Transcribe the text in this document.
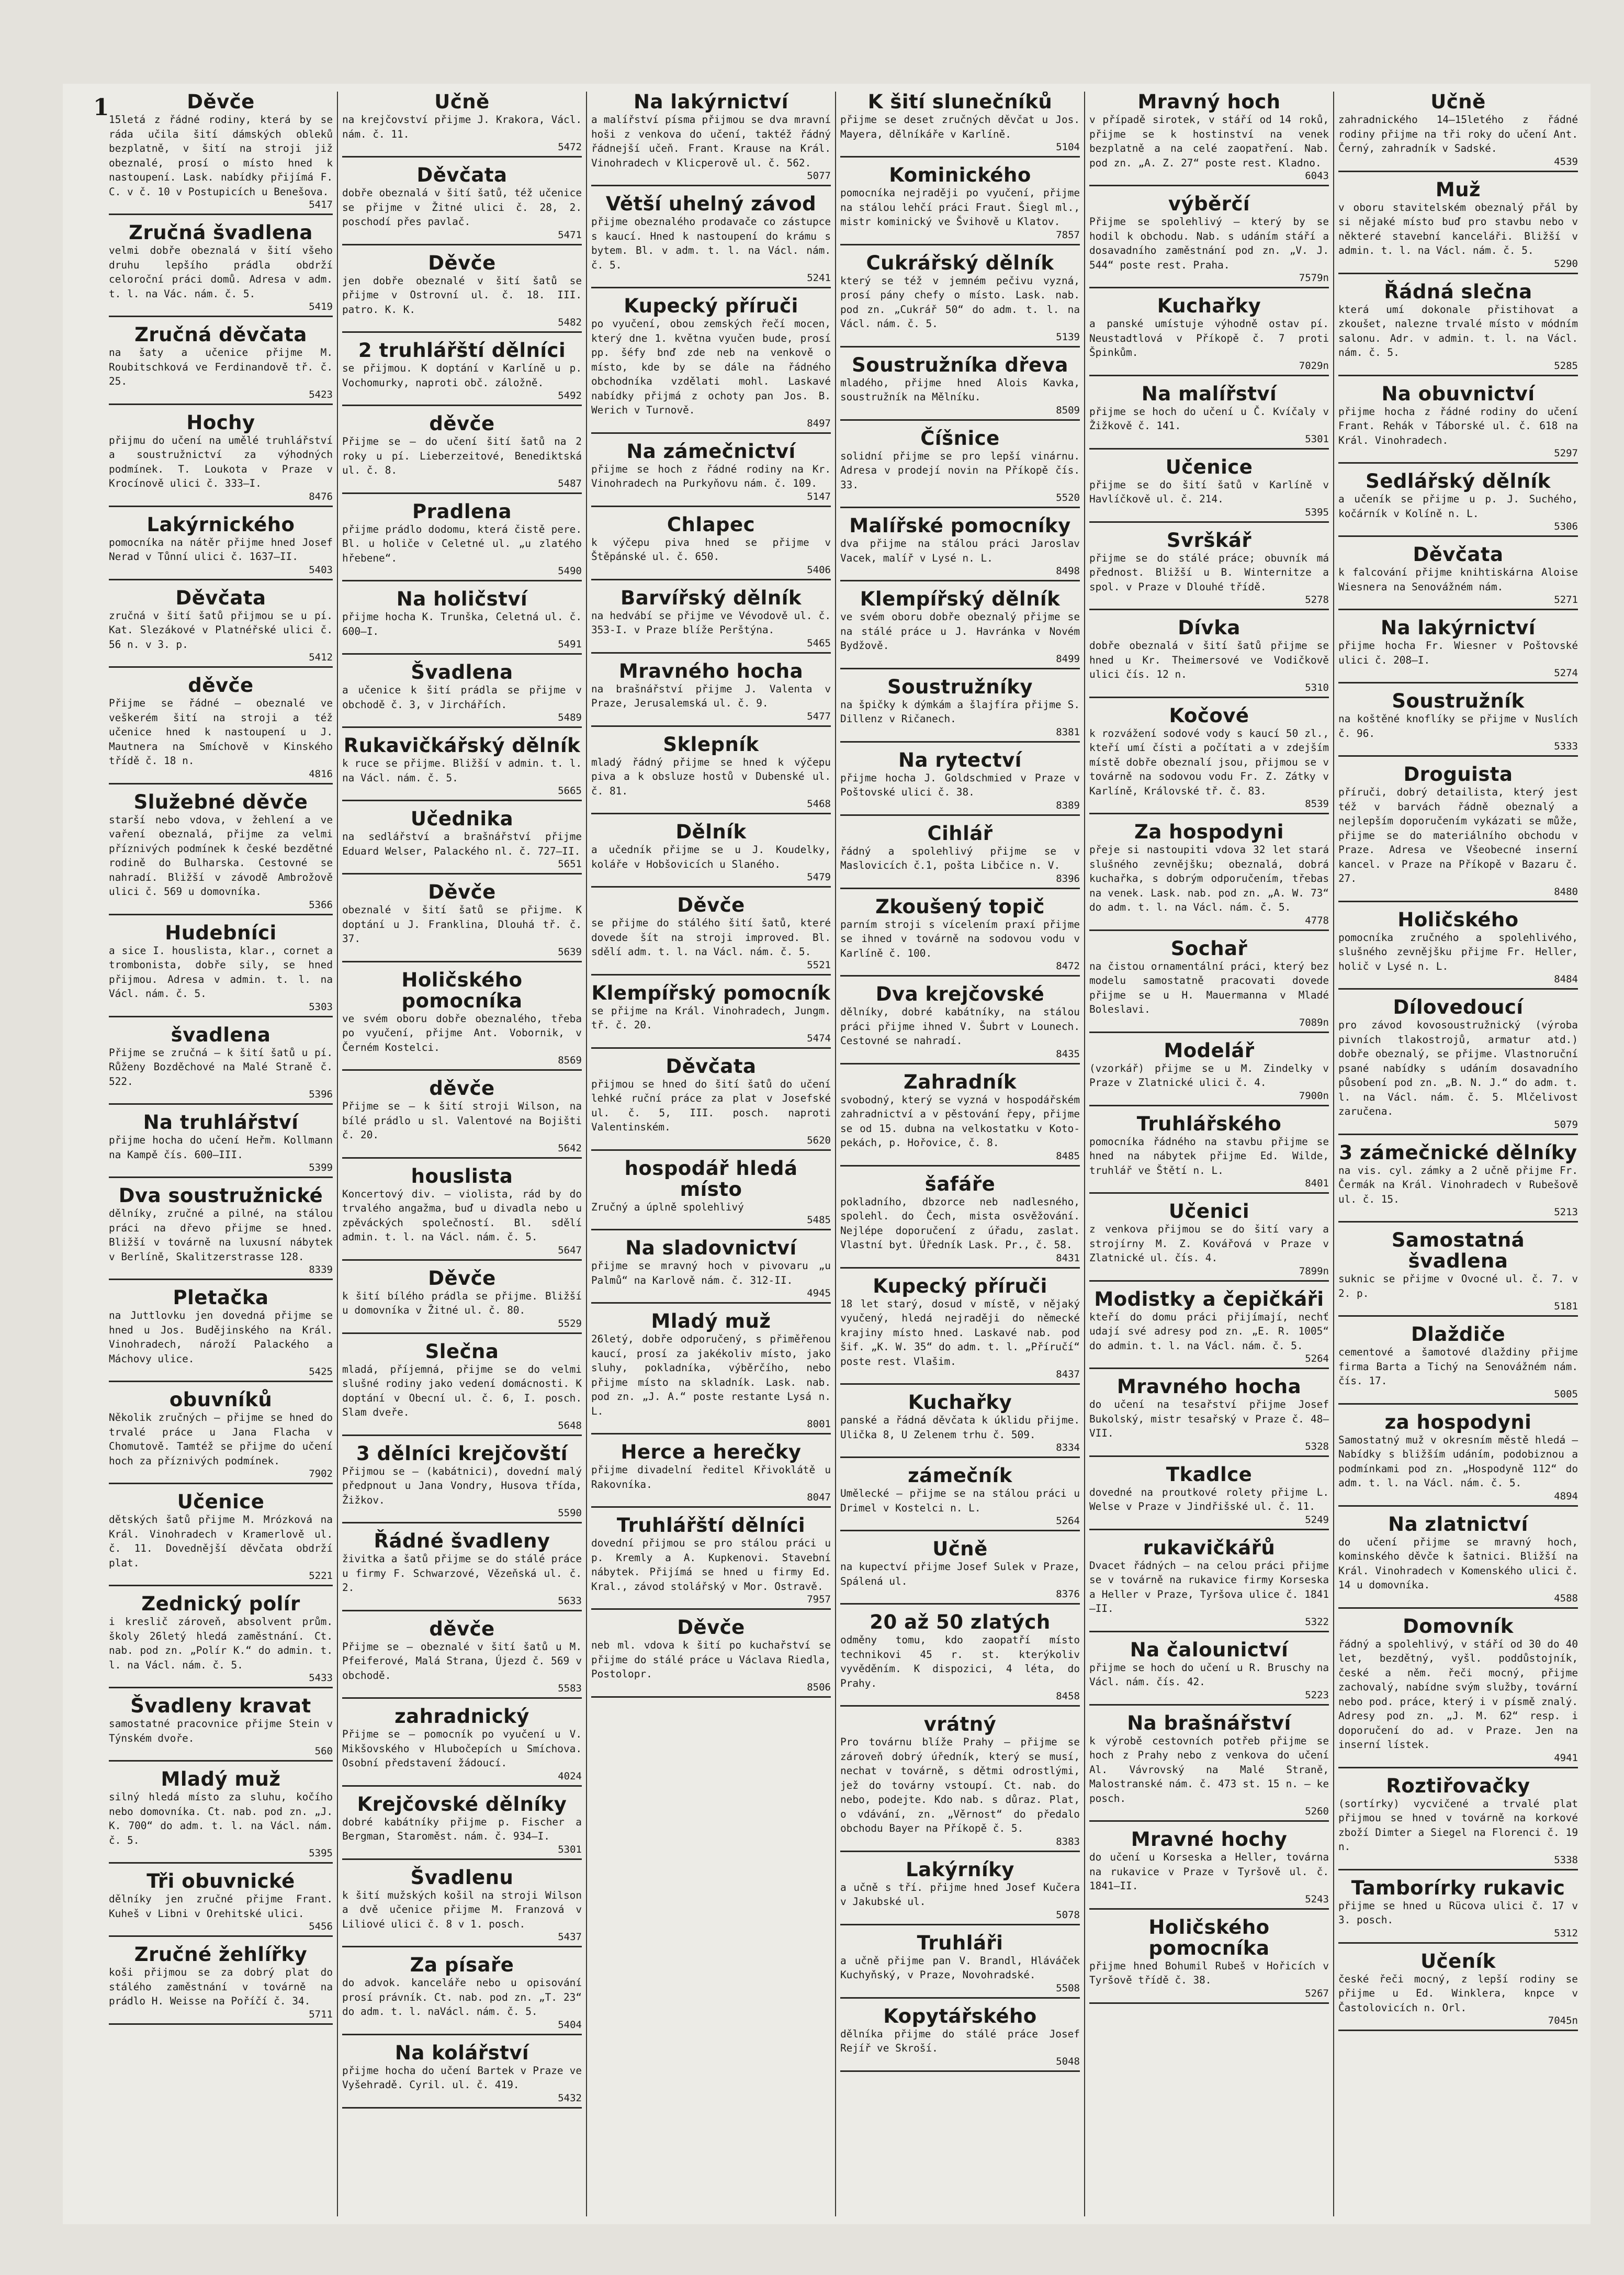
1	Děvče

15letá z řádné rodiny, která by se ráda učila šití dámských obleků bezplatně, v šití na stroji již obeznalé, prosí o místo hned k nastoupení. Lask. nabídky přijímá F. C. v č. 10 v Postupicích u Benešova.

5417
Zručná švadlena

velmi dobře obeznalá v šití všeho druhu lepšího prádla obdrží celoroční práci domů. Adresa v adm. t. l. na Vác. nám. č. 5.

5419
Zručná děvčata

na šaty a učenice přijme M. Roubitschková ve Ferdinandově tř. č. 25.

5423
Hochy

přijmu do učení na umělé truhlářství a soustružnictví za výhodných podmínek. T. Loukota v Praze v Krocínově ulici č. 333—I.

8476
Lakýrnického

pomocníka na nátěr přijme hned Josef Nerad v Tůnní ulici č. 1637—II.

5403
Děvčata

zručná v šití šatů přijmou se u pí. Kat. Slezákové v Platnéřské ulici č. 56 n. v 3. p.

5412
děvče

Přijme se řádné — obeznalé ve veškerém šití na stroji a též učenice hned k nastoupení u J. Mautnera na Smíchově v Kinského třídě č. 18 n.

4816
Služebné děvče

starší nebo vdova, v žehlení a ve vaření obeznalá, přijme za velmi příznivých podmínek k české bezdětné rodině do Bulharska. Cestovné se nahradí. Bližší v závodě Ambrožově ulici č. 569 u domovníka.

5366
Hudebníci

a sice I. houslista, klar., cornet a trombonista, dobře sily, se hned přijmou. Adresa v admin. t. l. na Václ. nám. č. 5.

5303
švadlena

Přijme se zručná — k šití šatů u pí. Růženy Bozděchové na Malé Straně č. 522.

5396
Na truhlářství

přijme hocha do učení Heřm. Kollmann na Kampě čís. 600—III.

5399
Dva soustružnické

dělníky, zručné a pilné, na stálou práci na dřevo přijme se hned. Bližší v továrně na luxusní nábytek v Berlíně, Skalitzerstrasse 128.

8339
Pletačka

na Juttlovku jen dovedná přijme se hned u Jos. Budějinského na Král. Vinohradech, nároží Palackého a Máchovy ulice.

5425
obuvníků

Několik zručných — přijme se hned do trvalé práce u Jana Flacha v Chomutově. Tamtéž se přijme do učení hoch za příznivých podmínek.

7902
Učenice

dětských šatů přijme M. Mrózková na Král. Vinohradech v Kramerlově ul. č. 11. Dovednější děvčata obdrží plat.

5221
Zednický polír

i kreslič zároveň, absolvent prům. školy 26letý hledá zaměstnání. Ct. nab. pod zn. „Polír K.“ do admin. t. l. na Václ. nám. č. 5.

5433
Švadleny kravat

samostatné pracovnice přijme Stein v Týnském dvoře.

560
Mladý muž

silný hledá místo za sluhu, kočího nebo domovníka. Ct. nab. pod zn. „J. K. 700“ do adm. t. l. na Václ. nám. č. 5.

5395
Tři obuvnické

dělníky jen zručné přijme Frant. Kuheš v Libni v Orehitské ulici.

5456
Zručné žehlířky

koši přijmou se za dobrý plat do stálého zaměstnání v továrně na prádlo H. Weisse na Poříčí č. 34.

5711
Učně

na krejčovství přijme J. Krakora, Václ. nám. č. 11.

5472
Děvčata

dobře obeznalá v šití šatů, též učenice se přijme v Žitné ulici č. 28, 2. poschodí přes pavlač.

5471
Děvče

jen dobře obeznalé v šití šatů se přijme v Ostrovní ul. č. 18. III. patro. K. K.

5482
2 truhlářští dělníci

se přijmou. K doptání v Karlíně u p. Vochomurky, naproti obč. záložně.

5492
děvče

Přijme se — do učení šití šatů na 2 roky u pí. Lieberzeitové, Benediktská ul. č. 8.

5487
Pradlena

přijme prádlo dodomu, která čistě pere. Bl. u holiče v Celetné ul. „u zlatého hřebene“.

5490
Na holičství

přijme hocha K. Trunška, Celetná ul. č. 600—I.

5491
Švadlena

a učenice k šití prádla se přijme v obchodě č. 3, v Jirchářích.

5489
Rukavičkářský dělník

k ruce se přijme. Bližší v admin. t. l. na Václ. nám. č. 5.

5665
Učednika

na sedlářství a brašnářství přijme Eduard Welser, Palackého nl. č. 727—II.

5651
Děvče

obeznalé v šití šatů se přijme. K doptání u J. Franklina, Dlouhá tř. č. 37.

5639
Holičského pomocníka

ve svém oboru dobře obeznalého, třeba po vyučení, přijme Ant. Vobornik, v Černém Kostelci.

8569
děvče

Přijme se — k šití stroji Wilson, na bílé prádlo u sl. Valentové na Bojišti č. 20.

5642
houslista

Koncertový div. — violista, rád by do trvalého angažma, buď u divadla nebo u zpěváckých společností. Bl. sdělí admin. t. l. na Václ. nám. č. 5.

5647
Děvče

k šití bílého prádla se přijme. Bližší u domovníka v Žitné ul. č. 80.

5529
Slečna

mladá, příjemná, přijme se do velmi slušné rodiny jako vedení domácnosti. K doptání v Obecní ul. č. 6, I. posch. Slam dveře.

5648
3 dělníci krejčovští

Přijmou se — (kabátnici), dovední malý předpnout u Jana Vondry, Husova třída, Žižkov.

5590
Řádné švadleny

živitka a šatů přijme se do stálé práce u firmy F. Schwarzové, Vězeňská ul. č. 2.

5633
děvče

Přijme se — obeznalé v šití šatů u M. Pfeiferové, Malá Strana, Újezd č. 569 v obchodě.

5583
zahradnický

Přijme se — pomocník po vyučení u V. Mikšovského v Hlubočepích u Smíchova. Osobní představení žádoucí.

4024
Krejčovské dělníky

dobré kabátníky přijme p. Fischer a Bergman, Staroměst. nám. č. 934—I.

5301
Švadlenu

k šití mužských košil na stroji Wilson a dvě učenice přijme M. Franzová v Liliové ulici č. 8 v 1. posch.

5437
Za písaře

do advok. kanceláře nebo u opisování prosí právník. Ct. nab. pod zn. „T. 23“ do adm. t. l. naVácl. nám. č. 5.

5404
Na kolářství

přijme hocha do učení Bartek v Praze ve Vyšehradě. Cyril. ul. č. 419.

5432
Na lakýrnictví

a malířství písma přijmou se dva mravní hoši z venkova do učení, taktéž řádný řádnejší učeň. Frant. Krause na Král. Vinohradech v Klicperově ul. č. 562.

5077
Větší uhelný závod

přijme obeznalého prodavače co zástupce s kaucí. Hned k nastoupení do krámu s bytem. Bl. v adm. t. l. na Václ. nám. č. 5.

5241
Kupecký příruči

po vyučení, obou zemských řečí mocen, který dne 1. května vyučen bude, prosí pp. šéfy bnď zde neb na venkově o místo, kde by se dále na řádného obchodníka vzdělati mohl. Laskavé nabídky přijmá z ochoty pan Jos. B. Werich v Turnově.

8497
Na zámečnictví

přijme se hoch z řádné rodiny na Kr. Vinohradech na Purkyňovu nám. č. 109.

5147
Chlapec

k výčepu piva hned se přijme v Štěpánské ul. č. 650.

5406
Barvířský dělník

na hedvábí se přijme ve Vévodově ul. č. 353-I. v Praze blíže Perštýna.

5465
Mravného hocha

na brašnářství přijme J. Valenta v Praze, Jerusalemská ul. č. 9.

5477
Sklepník

mladý řádný přijme se hned k výčepu piva a k obsluze hostů v Dubenské ul. č. 81.

5468
Dělník

a učedník přijme se u J. Koudelky, koláře v Hobšovicích u Slaného.

5479
Děvče

se přijme do stálého šití šatů, které dovede šít na stroji improved. Bl. sdělí adm. t. l. na Václ. nám. č. 5.

5521
Klempířský pomocník

se přijme na Král. Vinohradech, Jungm. tř. č. 20.

5474
Děvčata

přijmou se hned do šití šatů do učení lehké ruční práce za plat v Josefské ul. č. 5, III. posch. naproti Valentinském.

5620
hospodář hledá místo

Zručný a úplně spolehlivý

5485
Na sladovnictví

přijme se mravný hoch v pivovaru „u Palmů“ na Karlově nám. č. 312-II.

4945
Mladý muž

26letý, dobře odporučený, s přiměřenou kaucí, prosí za jakékoliv místo, jako sluhy, pokladníka, výběrčího, nebo přijme místo na skladník. Lask. nab. pod zn. „J. A.“ poste restante Lysá n. L.

8001
Herce a herečky

přijme divadelní ředitel Křivoklátě u Rakovníka.

8047
Truhlářští dělníci

dovední přijmou se pro stálou práci u p. Kremly a A. Kupkenovi. Stavební nábytek. Přijímá se hned u firmy Ed. Kral., závod stolářský v Mor. Ostravě.

7957
Děvče

neb ml. vdova k šití po kuchařství se přijme do stálé práce u Václava Riedla, Postolopr.

8506
K šití slunečníků

přijme se deset zručných děvčat u Jos. Mayera, dělníkáře v Karlíně.

5104
Kominického

pomocníka nejraději po vyučení, přijme na stálou lehčí práci Fraut. Šiegl ml., mistr kominický ve Švihově u Klatov.

7857
Cukrářský dělník

který se též v jemném pečivu vyzná, prosí pány chefy o místo. Lask. nab. pod zn. „Cukrář 50“ do adm. t. l. na Václ. nám. č. 5.

5139
Soustružníka dřeva

mladého, přijme hned Alois Kavka, soustružník na Mělníku.

8509
Číšnice

solidní přijme se pro lepší vinárnu. Adresa v prodejí novin na Příkopě čís. 33.

5520
Malířské pomocníky

dva přijme na stálou práci Jaroslav Vacek, malíř v Lysé n. L.

8498
Klempířský dělník

ve svém oboru dobře obeznalý přijme se na stálé práce u J. Havránka v Novém Bydžově.

8499
Soustružníky

na špičky k dýmkám a šlajfíra přijme S. Dillenz v Ričanech.

8381
Na rytectví

přijme hocha J. Goldschmied v Praze v Poštovské ulici č. 38.

8389
Cihlář

řádný a spolehlivý přijme se v Maslovicích č.1, pošta Libčice n. V.

8396
Zkoušený topič

parním stroji s vícelením praxí přijme se ihned v továrně na sodovou vodu v Karlíně č. 100.

8472
Dva krejčovské

dělníky, dobré kabátníky, na stálou práci přijme ihned V. Šubrt v Lounech. Cestovné se nahradí.

8435
Zahradník

svobodný, který se vyzná v hospodářském zahradnictví a v pěstování řepy, přijme se od 15. dubna na velkostatku v Koto-pekách, p. Hořovice, č. 8.

8485
šafáře

pokladního, dbzorce neb nadlesného, spolehl. do Čech, mista osvěžování. Nejlépe doporučení z úřadu, zaslat. Vlastní byt. Úředník Lask. Pr., č. 58.

8431
Kupecký příruči

18 let starý, dosud v místě, v nějaký vyučený, hledá nejraději do německé krajiny místo hned. Laskavé nab. pod šif. „K. W. 35“ do adm. t. l. „Příručí“ poste rest. Vlašim.

8437
Kuchařky

panské a řádná děvčata k úklidu přijme. Ulička 8, U Zelenem trhu č. 509.

8334
zámečník

Umělecké — přijme se na stálou práci u Drimel v Kostelci n. L.

5264
Učně

na kupectví přijme Josef Sulek v Praze, Spálená ul.

8376
20 až 50 zlatých

odměny tomu, kdo zaopatří místo technikovi 45 r. st. kterýkoliv vyvěděním. K dispozici, 4 léta, do Prahy.

8458
vrátný

Pro továrnu blíže Prahy — přijme se zároveň dobrý úředník, který se musí, nechat v továrně, s dětmi odrostlými, jež do továrny vstoupí. Ct. nab. do nebo, podejte. Kdo nab. s důraz. Plat, o vdávání, zn. „Věrnost“ do předalo obchodu Bayer na Příkopě č. 5.

8383
Lakýrníky

a učně s tří. přijme hned Josef Kučera v Jakubské ul.

5078
Truhláři

a učně přijme pan V. Brandl, Hláváček Kuchyňský, v Praze, Novohradské.

5508
Kopytářského

dělníka přijme do stálé práce Josef Rejíř ve Skroší.

5048
Mravný hoch

v případě sirotek, v stáří od 14 roků, přijme se k hostinství na venek bezplatně a na celé zaopatření. Nab. pod zn. „A. Z. 27“ poste rest. Kladno.

6043
výběrčí

Přijme se spolehlivý — který by se hodil k obchodu. Nab. s udáním stáří a dosavadního zaměstnání pod zn. „V. J. 544“ poste rest. Praha.

7579n
Kuchařky

a panské umístuje výhodně ostav pí. Neustadtlová v Příkopě č. 7 proti Špinkům.

7029n
Na malířství

přijme se hoch do učení u Č. Kvíčaly v Žižkově č. 141.

5301
Učenice

přijme se do šití šatů v Karlíně v Havlíčkově ul. č. 214.

5395
Svrškář

přijme se do stálé práce; obuvník má přednost. Bližší u B. Winternitze a spol. v Praze v Dlouhé třídě.

5278
Dívka

dobře obeznalá v šití šatů přijme se hned u Kr. Theimersové ve Vodičkově ulici čís. 12 n.

5310
Kočové

k rozvážení sodové vody s kaucí 50 zl., kteří umí čísti a počítati a v zdejším místě dobře obeznalí jsou, přijmou se v továrně na sodovou vodu Fr. Z. Zátky v Karlíně, Královské tř. č. 83.

8539
Za hospodyni

přeje si nastoupiti vdova 32 let stará slušného zevnějšku; obeznalá, dobrá kuchařka, s dobrým odporučením, třebas na venek. Lask. nab. pod zn. „A. W. 73“ do adm. t. l. na Václ. nám. č. 5.

4778
Sochař

na čistou ornamentální práci, který bez modelu samostatně pracovati dovede přijme se u H. Mauermanna v Mladé Boleslavi.

7089n
Modelář

(vzorkář) přijme se u M. Zindelky v Praze v Zlatnické ulici č. 4.

7900n
Truhlářského

pomocníka řádného na stavbu přijme se hned na nábytek přijme Ed. Wilde, truhlář ve Štětí n. L.

8401
Učenici

z venkova přijmou se do šití vary a strojírny M. Z. Kovářová v Praze v Zlatnické ul. čís. 4.

7899n
Modistky a čepičkáři

kteří do domu práci přijímají, nechť udají své adresy pod zn. „E. R. 1005“ do admin. t. l. na Václ. nám. č. 5.

5264
Mravného hocha

do učení na tesařství přijme Josef Bukolský, mistr tesařský v Praze č. 48—VII.

5328
Tkadlce

dovedné na proutkové rolety přijme L. Welse v Praze v Jindřišské ul. č. 11.

5249
rukavičkářů

Dvacet řádných — na celou práci přijme se v továrně na rukavice firmy Korseska a Heller v Praze, Tyršova ulice č. 1841—II.

5322
Na čalounictví

přijme se hoch do učení u R. Bruschy na Václ. nám. čís. 42.

5223
Na brašnářství

k výrobě cestovních potřeb přijme se hoch z Prahy nebo z venkova do učení Al. Vávrovský na Malé Straně, Malostranské nám. č. 473 st. 15 n. — ke posch.

5260
Mravné hochy

do učení u Korseska a Heller, továrna na rukavice v Praze v Tyršově ul. č. 1841—II.

5243
Holičského pomocníka

přijme hned Bohumil Rubeš v Hořicích v Tyršově třídě č. 38.

5267
Učně

zahradnického 14—15letého z řádné rodiny přijme na tři roky do učení Ant. Černý, zahradník v Sadské.

4539
Muž

v oboru stavitelském obeznalý přál by si nějaké místo buď pro stavbu nebo v některé stavební kanceláři. Bližší v admin. t. l. na Václ. nám. č. 5.

5290
Řádná slečna

která umí dokonale přistihovat a zkoušet, nalezne trvalé místo v módním salonu. Adr. v admin. t. l. na Václ. nám. č. 5.

5285
Na obuvnictví

přijme hocha z řádné rodiny do učení Frant. Rehák v Táborské ul. č. 618 na Král. Vinohradech.

5297
Sedlářský dělník

a učeník se přijme u p. J. Suchého, kočárník v Kolíně n. L.

5306
Děvčata

k falcování přijme knihtiskárna Aloise Wiesnera na Senovážném nám.

5271
Na lakýrnictví

přijme hocha Fr. Wiesner v Poštovské ulici č. 208—I.

5274
Soustružník

na koštěné knoflíky se přijme v Nuslích č. 96.

5333
Droguista

příruči, dobrý detailista, který jest též v barvách řádně obeznalý a nejlepším doporučením vykázati se může, přijme se do materiálního obchodu v Praze. Adresa ve Všeobecné inserní kancel. v Praze na Příkopě v Bazaru č. 27.

8480
Holičského

pomocníka zručného a spolehlivého, slušného zevnějšku přijme Fr. Heller, holič v Lysé n. L.

8484
Dílovedoucí

pro závod kovosoustružnický (výroba pivních tlakostrojů, armatur atd.) dobře obeznalý, se přijme. Vlastnoruční psané nabídky s udáním dosavadního působení pod zn. „B. N. J.“ do adm. t. l. na Václ. nám. č. 5. Mlčelivost zaručena.

5079
3 zámečnické dělníky

na vis. cyl. zámky a 2 učně přijme Fr. Čermák na Král. Vinohradech v Rubešově ul. č. 15.

5213
Samostatná švadlena

suknic se přijme v Ovocné ul. č. 7. v 2. p.

5181
Dlaždiče

cementové a šamotové dlaždiny přijme firma Barta a Tichý na Senovážném nám. čís. 17.

5005
za hospodyni

Samostatný muž v okresním městě hledá — Nabídky s bližším udáním, podobiznou a podmínkami pod zn. „Hospodyně 112“ do adm. t. l. na Václ. nám. č. 5.

4894
Na zlatnictví

do učení přijme se mravný hoch, kominského děvče k šatnici. Bližší na Král. Vinohradech v Komenského ulici č. 14 u domovníka.

4588
Domovník

řádný a spolehlivý, v stáří od 30 do 40 let, bezdětný, vyšl. poddůstojník, české a něm. řeči mocný, přijme zachovalý, nabídne svým služby, tovární nebo pod. práce, který i v písmě znalý. Adresy pod zn. „J. M. 62“ resp. i doporučení do ad. v Praze. Jen na inserní lístek.

4941
Roztiřovačky

(sortírky) vycvičené a trvalé plat přijmou se hned v továrně na korkové zboží Dimter a Siegel na Florenci č. 19 n.

5338
Tamborírky rukavic

přijme se hned u Rücova ulici č. 17 v 3. posch.

5312
Učeník

české řeči mocný, z lepší rodiny se přijme u Ed. Winklera, knpce v Častolovicích n. Orl.

7045n
